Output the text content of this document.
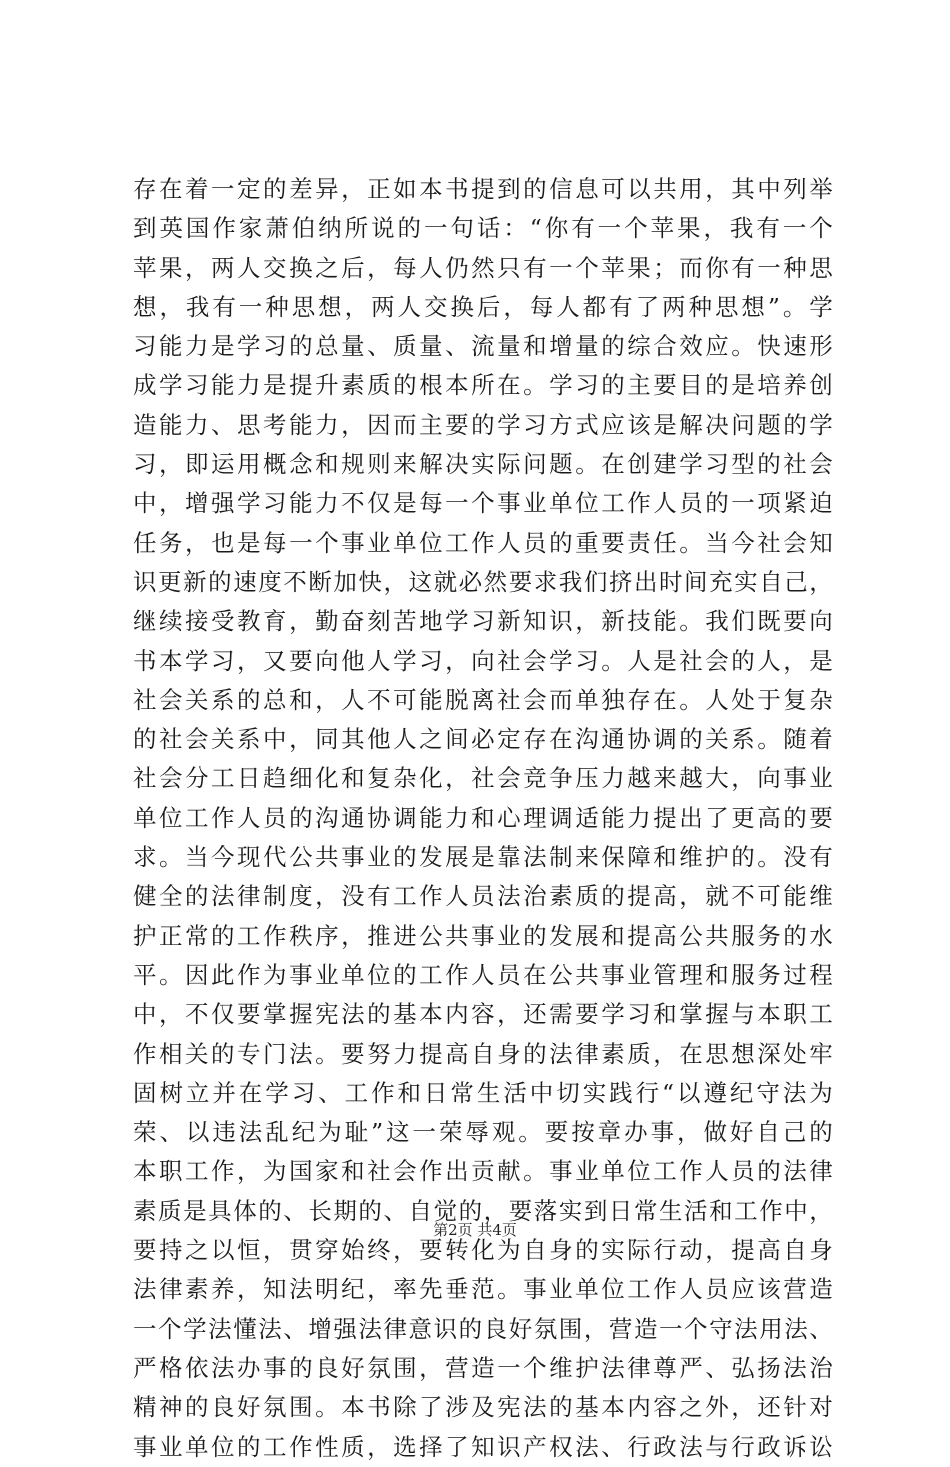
存在着一定的差异，正如本书提到的信息可以共用，其中列举
到英国作家萧伯纳所说的一句话：“你有一个苹果，我有一个
苹果，两人交换之后，每人仍然只有一个苹果；而你有一种思
想，我有一种思想，两人交换后，每人都有了两种思想”。学
习能力是学习的总量、质量、流量和增量的综合效应。快速形
成学习能力是提升素质的根本所在。学习的主要目的是培养创
造能力、思考能力，因而主要的学习方式应该是解决问题的学
习，即运用概念和规则来解决实际问题。在创建学习型的社会
中，增强学习能力不仅是每一个事业单位工作人员的一项紧迫
任务，也是每一个事业单位工作人员的重要责任。当今社会知
识更新的速度不断加快，这就必然要求我们挤出时间充实自己，
继续接受教育，勤奋刻苦地学习新知识，新技能。我们既要向
书本学习，又要向他人学习，向社会学习。人是社会的人，是
社会关系的总和，人不可能脱离社会而单独存在。人处于复杂
的社会关系中，同其他人之间必定存在沟通协调的关系。随着
社会分工日趋细化和复杂化，社会竞争压力越来越大，向事业
单位工作人员的沟通协调能力和心理调适能力提出了更高的要
求。当今现代公共事业的发展是靠法制来保障和维护的。没有
健全的法律制度，没有工作人员法治素质的提高，就不可能维
护正常的工作秩序，推进公共事业的发展和提高公共服务的水
平。因此作为事业单位的工作人员在公共事业管理和服务过程
中，不仅要掌握宪法的基本内容，还需要学习和掌握与本职工
作相关的专门法。要努力提高自身的法律素质，在思想深处牢
固树立并在学习、工作和日常生活中切实践行“以遵纪守法为
荣、以违法乱纪为耻”这一荣辱观。要按章办事，做好自己的
本职工作，为国家和社会作出贡献。事业单位工作人员的法律
素质是具体的、长期的、自觉的，要落实到日常生活和工作中，
要持之以恒，贯穿始终，要转化为自身的实际行动，提高自身
法律素养，知法明纪，率先垂范。事业单位工作人员应该营造
一个学法懂法、增强法律意识的良好氛围，营造一个守法用法、
严格依法办事的良好氛围，营造一个维护法律尊严、弘扬法治
精神的良好氛围。本书除了涉及宪法的基本内容之外，还针对
事业单位的工作性质，选择了知识产权法、行政法与行政诉讼
第2页 共4页
